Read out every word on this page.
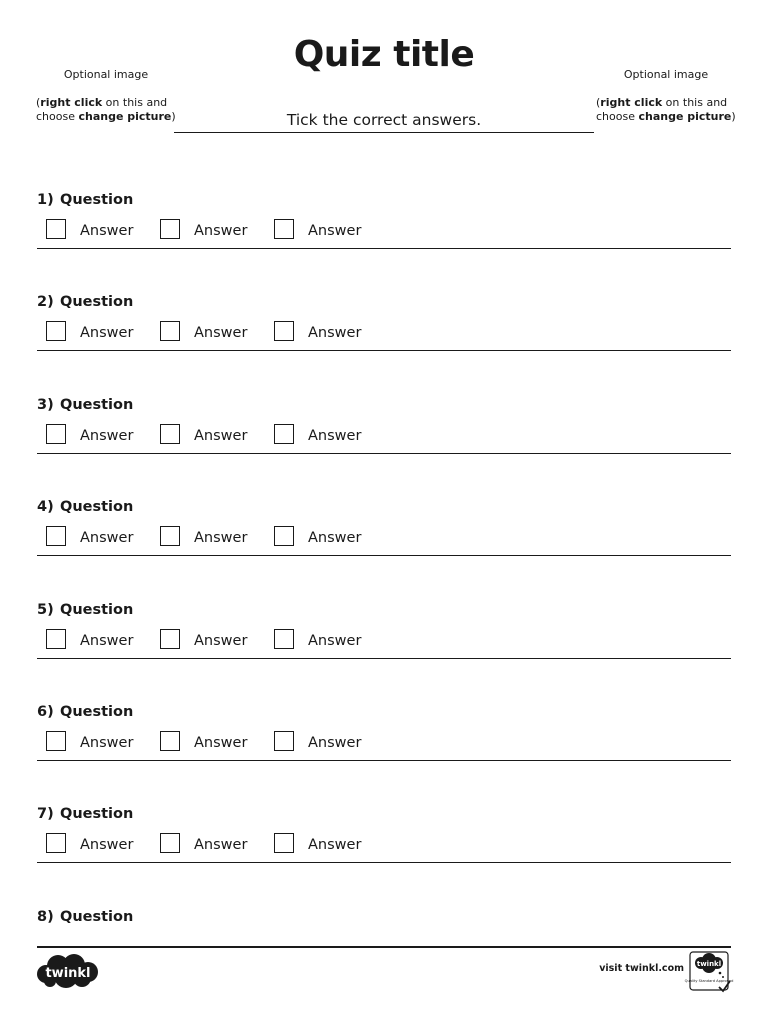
Quiz title
Optional image
(right click on this and choose change picture)
Optional image
(right click on this and choose change picture)
Tick the correct answers.
1) Question
Answer	Answer	Answer
2) Question
Answer	Answer	Answer
3) Question
Answer	Answer	Answer
4) Question
Answer	Answer	Answer
5) Question
Answer	Answer	Answer
6) Question
Answer	Answer	Answer
7) Question
Answer	Answer	Answer
8) Question
twinkl	visit twinkl.com twinkl
Quality Standard Approved
